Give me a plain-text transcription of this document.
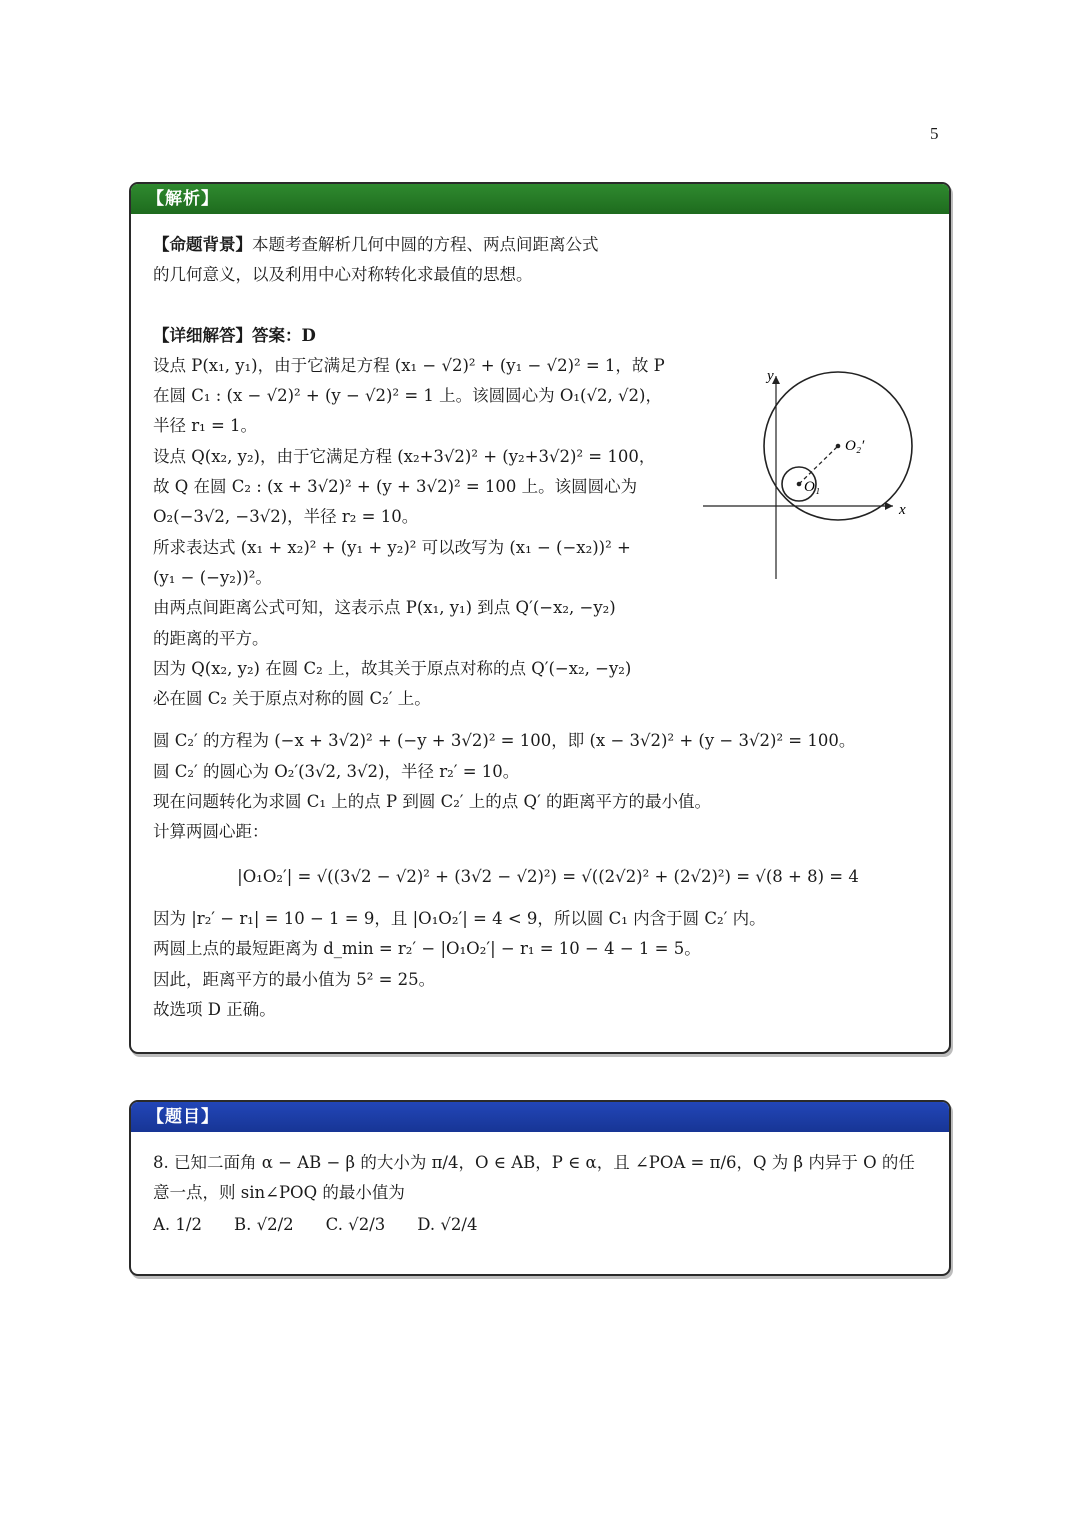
5
【解析】

【命题背景】本题考查解析几何中圆的方程、两点间距离公式

的几何意义，以及利用中心对称转化求最值的思想。

【详细解答】答案：D

设点 P(x₁, y₁)，由于它满足方程 (x₁ − √2)² + (y₁ − √2)² = 1，故 P

在圆 C₁ : (x − √2)² + (y − √2)² = 1 上。该圆圆心为 O₁(√2, √2)，

半径 r₁ = 1。

设点 Q(x₂, y₂)，由于它满足方程 (x₂+3√2)² + (y₂+3√2)² = 100，

故 Q 在圆 C₂ : (x + 3√2)² + (y + 3√2)² = 100 上。该圆圆心为

O₂(−3√2, −3√2)，半径 r₂ = 10。

所求表达式 (x₁ + x₂)² + (y₁ + y₂)² 可以改写为 (x₁ − (−x₂))² +

(y₁ − (−y₂))²。

由两点间距离公式可知，这表示点 P(x₁, y₁) 到点 Q′(−x₂, −y₂)

的距离的平方。

因为 Q(x₂, y₂) 在圆 C₂ 上，故其关于原点对称的点 Q′(−x₂, −y₂)

必在圆 C₂ 关于原点对称的圆 C₂′ 上。

圆 C₂′ 的方程为 (−x + 3√2)² + (−y + 3√2)² = 100，即 (x − 3√2)² + (y − 3√2)² = 100。

圆 C₂′ 的圆心为 O₂′(3√2, 3√2)，半径 r₂′ = 10。

现在问题转化为求圆 C₁ 上的点 P 到圆 C₂′ 上的点 Q′ 的距离平方的最小值。

计算两圆心距：

|O₁O₂′| = √((3√2 − √2)² + (3√2 − √2)²) = √((2√2)² + (2√2)²) = √(8 + 8) = 4

因为 |r₂′ − r₁| = 10 − 1 = 9，且 |O₁O₂′| = 4 < 9，所以圆 C₁ 内含于圆 C₂′ 内。

两圆上点的最短距离为 d_min = r₂′ − |O₁O₂′| − r₁ = 10 − 4 − 1 = 5。

因此，距离平方的最小值为 5² = 25。

故选项 D 正确。

y
x
O₁
O₂′
【题目】

8. 已知二面角 α − AB − β 的大小为 π/4，O ∈ AB，P ∈ α，且 ∠POA = π/6，Q 为 β 内异于 O 的任

意一点，则 sin∠POQ 的最小值为

A. 1/2 B. √2/2 C. √2/3 D. √2/4
